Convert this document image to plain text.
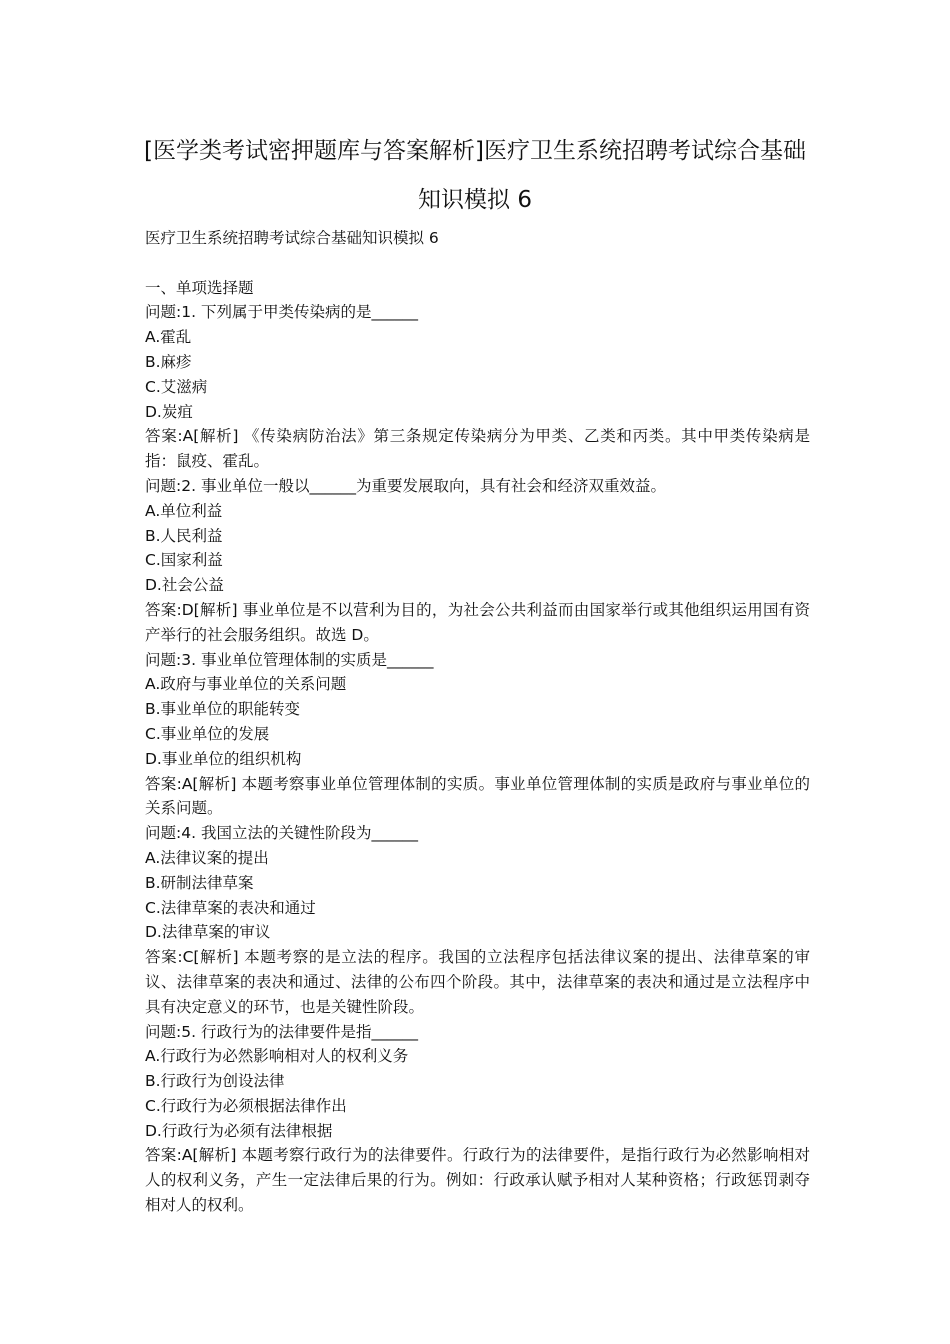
[医学类考试密押题库与答案解析]医疗卫生系统招聘考试综合基础
知识模拟 6
医疗卫生系统招聘考试综合基础知识模拟 6
一、单项选择题
问题:1. 下列属于甲类传染病的是______
A.霍乱
B.麻疹
C.艾滋病
D.炭疽
答案:A[解析] 《传染病防治法》第三条规定传染病分为甲类、乙类和丙类。其中甲类传染病是指：鼠疫、霍乱。
问题:2. 事业单位一般以______为重要发展取向，具有社会和经济双重效益。
A.单位利益
B.人民利益
C.国家利益
D.社会公益
答案:D[解析] 事业单位是不以营利为目的，为社会公共利益而由国家举行或其他组织运用国有资产举行的社会服务组织。故选 D。
问题:3. 事业单位管理体制的实质是______
A.政府与事业单位的关系问题
B.事业单位的职能转变
C.事业单位的发展
D.事业单位的组织机构
答案:A[解析] 本题考察事业单位管理体制的实质。事业单位管理体制的实质是政府与事业单位的关系问题。
问题:4. 我国立法的关键性阶段为______
A.法律议案的提出
B.研制法律草案
C.法律草案的表决和通过
D.法律草案的审议
答案:C[解析] 本题考察的是立法的程序。我国的立法程序包括法律议案的提出、法律草案的审议、法律草案的表决和通过、法律的公布四个阶段。其中，法律草案的表决和通过是立法程序中具有决定意义的环节，也是关键性阶段。
问题:5. 行政行为的法律要件是指______
A.行政行为必然影响相对人的权利义务
B.行政行为创设法律
C.行政行为必须根据法律作出
D.行政行为必须有法律根据
答案:A[解析] 本题考察行政行为的法律要件。行政行为的法律要件，是指行政行为必然影响相对人的权利义务，产生一定法律后果的行为。例如：行政承认赋予相对人某种资格；行政惩罚剥夺相对人的权利。
